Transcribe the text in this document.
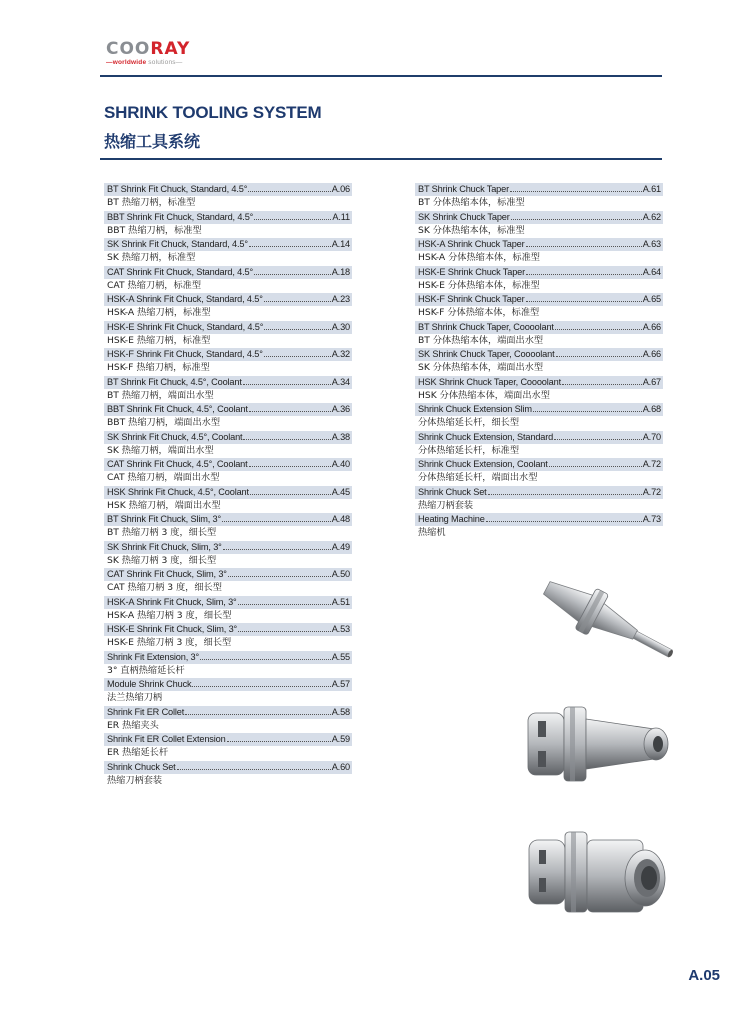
COORAY
—worldwide solutions—
SHRINK TOOLING SYSTEM
热缩工具系统
BT Shrink Fit Chuck, Standard, 4.5°	A.06
BT 热缩刀柄，标准型
BBT Shrink Fit Chuck, Standard, 4.5°	A.11
BBT 热缩刀柄，标准型
SK Shrink Fit Chuck, Standard, 4.5°	A.14
SK 热缩刀柄，标准型
CAT Shrink Fit Chuck, Standard, 4.5°	A.18
CAT 热缩刀柄，标准型
HSK-A Shrink Fit Chuck, Standard, 4.5°	A.23
HSK-A 热缩刀柄，标准型
HSK-E Shrink Fit Chuck, Standard, 4.5°	A.30
HSK-E 热缩刀柄，标准型
HSK-F Shrink Fit Chuck, Standard, 4.5°	A.32
HSK-F 热缩刀柄，标准型
BT Shrink Fit Chuck, 4.5°, Coolant	A.34
BT 热缩刀柄，端面出水型
BBT Shrink Fit Chuck, 4.5°, Coolant	A.36
BBT 热缩刀柄，端面出水型
SK Shrink Fit Chuck, 4.5°, Coolant	A.38
SK 热缩刀柄，端面出水型
CAT Shrink Fit Chuck, 4.5°, Coolant	A.40
CAT 热缩刀柄，端面出水型
HSK Shrink Fit Chuck, 4.5°, Coolant	A.45
HSK 热缩刀柄，端面出水型
BT Shrink Fit Chuck, Slim, 3°	A.48
BT 热缩刀柄 3 度，细长型
SK Shrink Fit Chuck, Slim, 3°	A.49
SK 热缩刀柄 3 度，细长型
CAT Shrink Fit Chuck, Slim, 3°	A.50
CAT 热缩刀柄 3 度，细长型
HSK-A Shrink Fit Chuck, Slim, 3°	A.51
HSK-A 热缩刀柄 3 度，细长型
HSK-E Shrink Fit Chuck, Slim, 3°	A.53
HSK-E 热缩刀柄 3 度，细长型
Shrink Fit Extension, 3°	A.55
3° 直柄热缩延长杆
Module Shrink Chuck	A.57
法兰热缩刀柄
Shrink Fit ER Collet	A.58
ER 热缩夹头
Shrink Fit ER Collet Extension	A.59
ER 热缩延长杆
Shrink Chuck Set	A.60
热缩刀柄套装
BT Shrink Chuck Taper	A.61
BT 分体热缩本体，标准型
SK Shrink Chuck Taper	A.62
SK 分体热缩本体，标准型
HSK-A Shrink Chuck Taper	A.63
HSK-A 分体热缩本体，标准型
HSK-E Shrink Chuck Taper	A.64
HSK-E 分体热缩本体，标准型
HSK-F Shrink Chuck Taper	A.65
HSK-F 分体热缩本体，标准型
BT Shrink Chuck Taper, Coooolant	A.66
BT 分体热缩本体，端面出水型
SK Shrink Chuck Taper, Coooolant	A.66
SK 分体热缩本体，端面出水型
HSK Shrink Chuck Taper, Coooolant	A.67
HSK 分体热缩本体，端面出水型
Shrink Chuck Extension Slim	A.68
分体热缩延长杆，细长型
Shrink Chuck Extension, Standard	A.70
分体热缩延长杆，标准型
Shrink Chuck Extension, Coolant	A.72
分体热缩延长杆，端面出水型
Shrink Chuck Set	A.72
热缩刀柄套装
Heating Machine	A.73
热缩机
A.05
